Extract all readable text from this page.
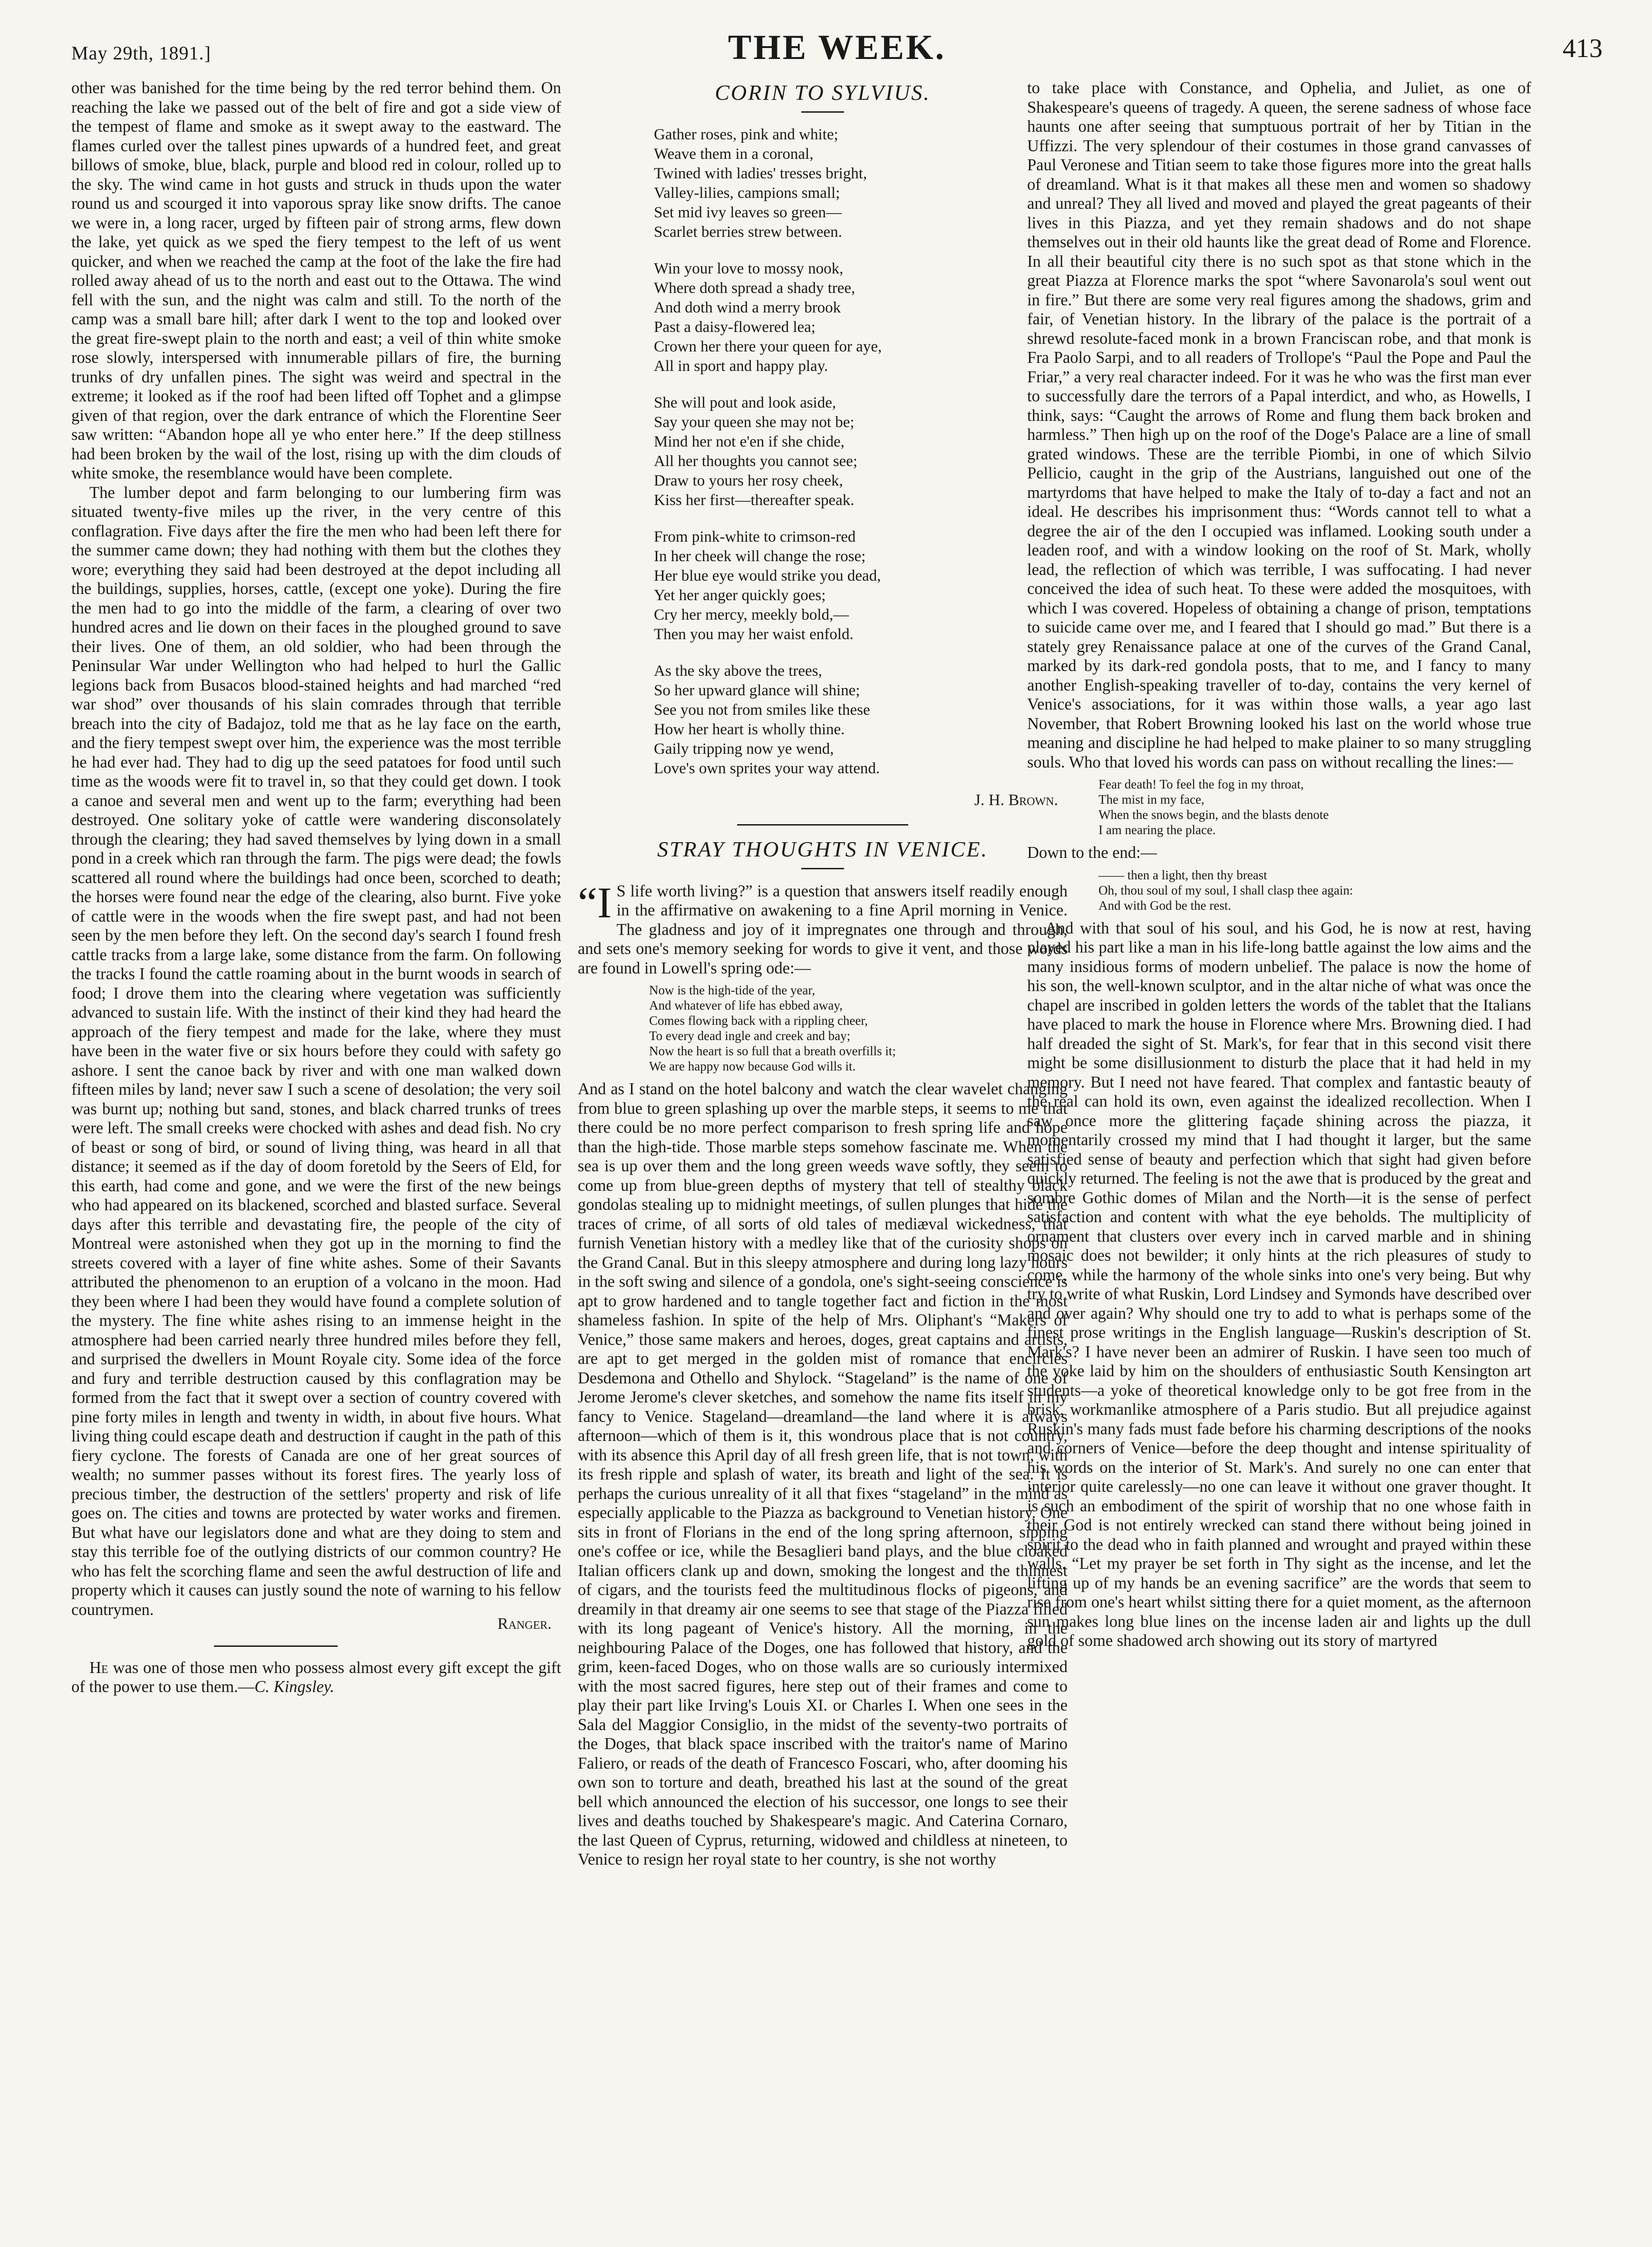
May 29th, 1891.]	THE WEEK.	413

other was banished for the time being by the red terror behind them. On reaching the lake we passed out of the belt of fire and got a side view of the tempest of flame and smoke as it swept away to the eastward. The flames curled over the tallest pines upwards of a hundred feet, and great billows of smoke, blue, black, purple and blood red in colour, rolled up to the sky. The wind came in hot gusts and struck in thuds upon the water round us and scourged it into vaporous spray like snow drifts. The canoe we were in, a long racer, urged by fifteen pair of strong arms, flew down the lake, yet quick as we sped the fiery tempest to the left of us went quicker, and when we reached the camp at the foot of the lake the fire had rolled away ahead of us to the north and east out to the Ottawa. The wind fell with the sun, and the night was calm and still. To the north of the camp was a small bare hill; after dark I went to the top and looked over the great fire-swept plain to the north and east; a veil of thin white smoke rose slowly, interspersed with innumerable pillars of fire, the burning trunks of dry unfallen pines. The sight was weird and spectral in the extreme; it looked as if the roof had been lifted off Tophet and a glimpse given of that region, over the dark entrance of which the Florentine Seer saw written: “Abandon hope all ye who enter here.” If the deep stillness had been broken by the wail of the lost, rising up with the dim clouds of white smoke, the resemblance would have been complete.

The lumber depot and farm belonging to our lumbering firm was situated twenty-five miles up the river, in the very centre of this conflagration. Five days after the fire the men who had been left there for the summer came down; they had nothing with them but the clothes they wore; everything they said had been destroyed at the depot including all the buildings, supplies, horses, cattle, (except one yoke). During the fire the men had to go into the middle of the farm, a clearing of over two hundred acres and lie down on their faces in the ploughed ground to save their lives. One of them, an old soldier, who had been through the Peninsular War under Wellington who had helped to hurl the Gallic legions back from Busacos blood-stained heights and had marched “red war shod” over thousands of his slain comrades through that terrible breach into the city of Badajoz, told me that as he lay face on the earth, and the fiery tempest swept over him, the experience was the most terrible he had ever had. They had to dig up the seed patatoes for food until such time as the woods were fit to travel in, so that they could get down. I took a canoe and several men and went up to the farm; everything had been destroyed. One solitary yoke of cattle were wandering disconsolately through the clearing; they had saved themselves by lying down in a small pond in a creek which ran through the farm. The pigs were dead; the fowls scattered all round where the buildings had once been, scorched to death; the horses were found near the edge of the clearing, also burnt. Five yoke of cattle were in the woods when the fire swept past, and had not been seen by the men before they left. On the second day's search I found fresh cattle tracks from a large lake, some distance from the farm. On following the tracks I found the cattle roaming about in the burnt woods in search of food; I drove them into the clearing where vegetation was sufficiently advanced to sustain life. With the instinct of their kind they had heard the approach of the fiery tempest and made for the lake, where they must have been in the water five or six hours before they could with safety go ashore. I sent the canoe back by river and with one man walked down fifteen miles by land; never saw I such a scene of desolation; the very soil was burnt up; nothing but sand, stones, and black charred trunks of trees were left. The small creeks were chocked with ashes and dead fish. No cry of beast or song of bird, or sound of living thing, was heard in all that distance; it seemed as if the day of doom foretold by the Seers of Eld, for this earth, had come and gone, and we were the first of the new beings who had appeared on its blackened, scorched and blasted surface. Several days after this terrible and devastating fire, the people of the city of Montreal were astonished when they got up in the morning to find the streets covered with a layer of fine white ashes. Some of their Savants attributed the phenomenon to an eruption of a volcano in the moon. Had they been where I had been they would have found a complete solution of the mystery. The fine white ashes rising to an immense height in the atmosphere had been carried nearly three hundred miles before they fell, and surprised the dwellers in Mount Royale city. Some idea of the force and fury and terrible destruction caused by this conflagration may be formed from the fact that it swept over a section of country covered with pine forty miles in length and twenty in width, in about five hours. What living thing could escape death and destruction if caught in the path of this fiery cyclone. The forests of Canada are one of her great sources of wealth; no summer passes without its forest fires. The yearly loss of precious timber, the destruction of the settlers' property and risk of life goes on. The cities and towns are protected by water works and firemen. But what have our legislators done and what are they doing to stem and stay this terrible foe of the outlying districts of our common country? He who has felt the scorching flame and seen the awful destruction of life and property which it causes can justly sound the note of warning to his fellow countrymen.

Ranger.

He was one of those men who possess almost every gift except the gift of the power to use them.—C. Kingsley.

CORIN TO SYLVIUS.
Gather roses, pink and white;
Weave them in a coronal,
Twined with ladies' tresses bright,
Valley-lilies, campions small;
Set mid ivy leaves so green—
Scarlet berries strew between.
Win your love to mossy nook,
Where doth spread a shady tree,
And doth wind a merry brook
Past a daisy-flowered lea;
Crown her there your queen for aye,
All in sport and happy play.
She will pout and look aside,
Say your queen she may not be;
Mind her not e'en if she chide,
All her thoughts you cannot see;
Draw to yours her rosy cheek,
Kiss her first—thereafter speak.
From pink-white to crimson-red
In her cheek will change the rose;
Her blue eye would strike you dead,
Yet her anger quickly goes;
Cry her mercy, meekly bold,—
Then you may her waist enfold.
As the sky above the trees,
So her upward glance will shine;
See you not from smiles like these
How her heart is wholly thine.
Gaily tripping now ye wend,
Love's own sprites your way attend.
J. H. Brown.
STRAY THOUGHTS IN VENICE.

“I S life worth living?” is a question that answers itself readily enough in the affirmative on awakening to a fine April morning in Venice. The gladness and joy of it impregnates one through and through, and sets one's memory seeking for words to give it vent, and those words are found in Lowell's spring ode:—

Now is the high-tide of the year,
And whatever of life has ebbed away,
Comes flowing back with a rippling cheer,
To every dead ingle and creek and bay;
Now the heart is so full that a breath overfills it;
We are happy now because God wills it.

And as I stand on the hotel balcony and watch the clear wavelet changing from blue to green splashing up over the marble steps, it seems to me that there could be no more perfect comparison to fresh spring life and hope than the high-tide. Those marble steps somehow fascinate me. When the sea is up over them and the long green weeds wave softly, they seem to come up from blue-green depths of mystery that tell of stealthy black gondolas stealing up to midnight meetings, of sullen plunges that hide the traces of crime, of all sorts of old tales of mediæval wickedness, that furnish Venetian history with a medley like that of the curiosity shops on the Grand Canal. But in this sleepy atmosphere and during long lazy hours in the soft swing and silence of a gondola, one's sight-seeing conscience is apt to grow hardened and to tangle together fact and fiction in the most shameless fashion. In spite of the help of Mrs. Oliphant's “Makers of Venice,” those same makers and heroes, doges, great captains and artists, are apt to get merged in the golden mist of romance that encircles Desdemona and Othello and Shylock. “Stageland” is the name of one of Jerome Jerome's clever sketches, and somehow the name fits itself in my fancy to Venice. Stageland—dreamland—the land where it is always afternoon—which of them is it, this wondrous place that is not country, with its absence this April day of all fresh green life, that is not town, with its fresh ripple and splash of water, its breath and light of the sea. It is perhaps the curious unreality of it all that fixes “stageland” in the mind as especially applicable to the Piazza as background to Venetian history. One sits in front of Florians in the end of the long spring afternoon, sipping one's coffee or ice, while the Besaglieri band plays, and the blue cloaked Italian officers clank up and down, smoking the longest and the thinnest of cigars, and the tourists feed the multitudinous flocks of pigeons, and dreamily in that dreamy air one seems to see that stage of the Piazza filled with its long pageant of Venice's history. All the morning, in the neighbouring Palace of the Doges, one has followed that history, and the grim, keen-faced Doges, who on those walls are so curiously intermixed with the most sacred figures, here step out of their frames and come to play their part like Irving's Louis XI. or Charles I. When one sees in the Sala del Maggior Consiglio, in the midst of the seventy-two portraits of the Doges, that black space inscribed with the traitor's name of Marino Faliero, or reads of the death of Francesco Foscari, who, after dooming his own son to torture and death, breathed his last at the sound of the great bell which announced the election of his successor, one longs to see their lives and deaths touched by Shakespeare's magic. And Caterina Cornaro, the last Queen of Cyprus, returning, widowed and childless at nineteen, to Venice to resign her royal state to her country, is she not worthy

to take place with Constance, and Ophelia, and Juliet, as one of Shakespeare's queens of tragedy. A queen, the serene sadness of whose face haunts one after seeing that sumptuous portrait of her by Titian in the Uffizzi. The very splendour of their costumes in those grand canvasses of Paul Veronese and Titian seem to take those figures more into the great halls of dreamland. What is it that makes all these men and women so shadowy and unreal? They all lived and moved and played the great pageants of their lives in this Piazza, and yet they remain shadows and do not shape themselves out in their old haunts like the great dead of Rome and Florence. In all their beautiful city there is no such spot as that stone which in the great Piazza at Florence marks the spot “where Savonarola's soul went out in fire.” But there are some very real figures among the shadows, grim and fair, of Venetian history. In the library of the palace is the portrait of a shrewd resolute-faced monk in a brown Franciscan robe, and that monk is Fra Paolo Sarpi, and to all readers of Trollope's “Paul the Pope and Paul the Friar,” a very real character indeed. For it was he who was the first man ever to successfully dare the terrors of a Papal interdict, and who, as Howells, I think, says: “Caught the arrows of Rome and flung them back broken and harmless.” Then high up on the roof of the Doge's Palace are a line of small grated windows. These are the terrible Piombi, in one of which Silvio Pellicio, caught in the grip of the Austrians, languished out one of the martyrdoms that have helped to make the Italy of to-day a fact and not an ideal. He describes his imprisonment thus: “Words cannot tell to what a degree the air of the den I occupied was inflamed. Looking south under a leaden roof, and with a window looking on the roof of St. Mark, wholly lead, the reflection of which was terrible, I was suffocating. I had never conceived the idea of such heat. To these were added the mosquitoes, with which I was covered. Hopeless of obtaining a change of prison, temptations to suicide came over me, and I feared that I should go mad.” But there is a stately grey Renaissance palace at one of the curves of the Grand Canal, marked by its dark-red gondola posts, that to me, and I fancy to many another English-speaking traveller of to-day, contains the very kernel of Venice's associations, for it was within those walls, a year ago last November, that Robert Browning looked his last on the world whose true meaning and discipline he had helped to make plainer to so many struggling souls. Who that loved his words can pass on without recalling the lines:—

Fear death! To feel the fog in my throat,
The mist in my face,
When the snows begin, and the blasts denote
I am nearing the place.

Down to the end:—

—— then a light, then thy breast
Oh, thou soul of my soul, I shall clasp thee again:
And with God be the rest.

And with that soul of his soul, and his God, he is now at rest, having played his part like a man in his life-long battle against the low aims and the many insidious forms of modern unbelief. The palace is now the home of his son, the well-known sculptor, and in the altar niche of what was once the chapel are inscribed in golden letters the words of the tablet that the Italians have placed to mark the house in Florence where Mrs. Browning died. I had half dreaded the sight of St. Mark's, for fear that in this second visit there might be some disillusionment to disturb the place that it had held in my memory. But I need not have feared. That complex and fantastic beauty of the real can hold its own, even against the idealized recollection. When I saw once more the glittering façade shining across the piazza, it momentarily crossed my mind that I had thought it larger, but the same satisfied sense of beauty and perfection which that sight had given before quickly returned. The feeling is not the awe that is produced by the great and sombre Gothic domes of Milan and the North—it is the sense of perfect satisfaction and content with what the eye beholds. The multiplicity of ornament that clusters over every inch in carved marble and in shining mosaic does not bewilder; it only hints at the rich pleasures of study to come, while the harmony of the whole sinks into one's very being. But why try to write of what Ruskin, Lord Lindsey and Symonds have described over and over again? Why should one try to add to what is perhaps some of the finest prose writings in the English language—Ruskin's description of St. Mark's? I have never been an admirer of Ruskin. I have seen too much of the yoke laid by him on the shoulders of enthusiastic South Kensington art students—a yoke of theoretical knowledge only to be got free from in the brisk, workmanlike atmosphere of a Paris studio. But all prejudice against Ruskin's many fads must fade before his charming descriptions of the nooks and corners of Venice—before the deep thought and intense spirituality of his words on the interior of St. Mark's. And surely no one can enter that interior quite carelessly—no one can leave it without one graver thought. It is such an embodiment of the spirit of worship that no one whose faith in their God is not entirely wrecked can stand there without being joined in spirit to the dead who in faith planned and wrought and prayed within these walls. “Let my prayer be set forth in Thy sight as the incense, and let the lifting up of my hands be an evening sacrifice” are the words that seem to rise from one's heart whilst sitting there for a quiet moment, as the afternoon sun makes long blue lines on the incense laden air and lights up the dull gold of some shadowed arch showing out its story of martyred
